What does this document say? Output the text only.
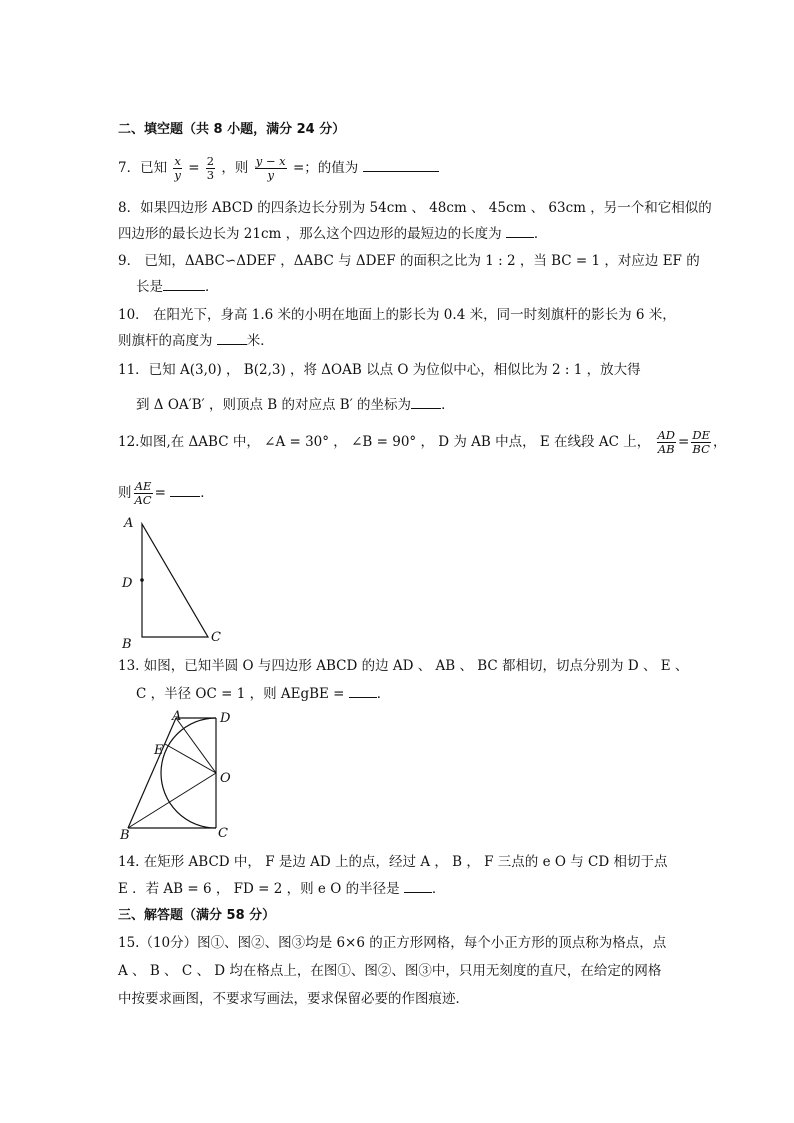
二、填空题（共 8 小题，满分 24 分）
7．已知 $\frac{x}{y} = \frac{2}{3}$ ，则 $\frac{y - x}{y}$ =；的值为
8．如果四边形 ABCD 的四条边长分别为 54cm 、 48cm 、 45cm 、 63cm ，另一个和它相似的
四边形的最长边长为 21cm ，那么这个四边形的最短边的长度为 ．
9． 已知，ΔABC∽ΔDEF ，ΔABC 与 ΔDEF 的面积之比为 1 : 2 ，当 BC = 1 ，对应边 EF 的
长是	．
10． 在阳光下，身高 1.6 米的小明在地面上的影长为 0.4 米，同一时刻旗杆的影长为 6 米，
则旗杆的高度为	米．
11．已知 A(3,0) ， B(2,3) ，将 ΔOAB 以点 O 为位似中心，相似比为 2 : 1 ，放大得
到 Δ OA′B′ ，则顶点 B 的对应点 B′ 的坐标为 ．
12.如图,在 ΔABC 中， ∠A = 30° ， ∠B = 90° ， D 为 AB 中点， E 在线段 AC 上， $\frac{AD}{AB} = \frac{DE}{BC}$ ，
则 $\frac{AE}{AC}$ = ．
A
D
B	C
13. 如图，已知半圆 O 与四边形 ABCD 的边 AD 、 AB 、 BC 都相切，切点分别为 D 、 E 、
C ，半径 OC = 1 ，则 AEgBE = ．
A	D
E
O
B	C
14. 在矩形 ABCD 中， F 是边 AD 上的点，经过 A ， B ， F 三点的 e O 与 CD 相切于点
E ．若 AB = 6 ， FD = 2 ，则 e O 的半径是 ．
三、解答题（满分 58 分）
15.（10分）图①、图②、图③均是 6×6 的正方形网格，每个小正方形的顶点称为格点，点
A 、 B 、 C 、 D 均在格点上，在图①、图②、图③中，只用无刻度的直尺，在给定的网格
中按要求画图，不要求写画法，要求保留必要的作图痕迹．
